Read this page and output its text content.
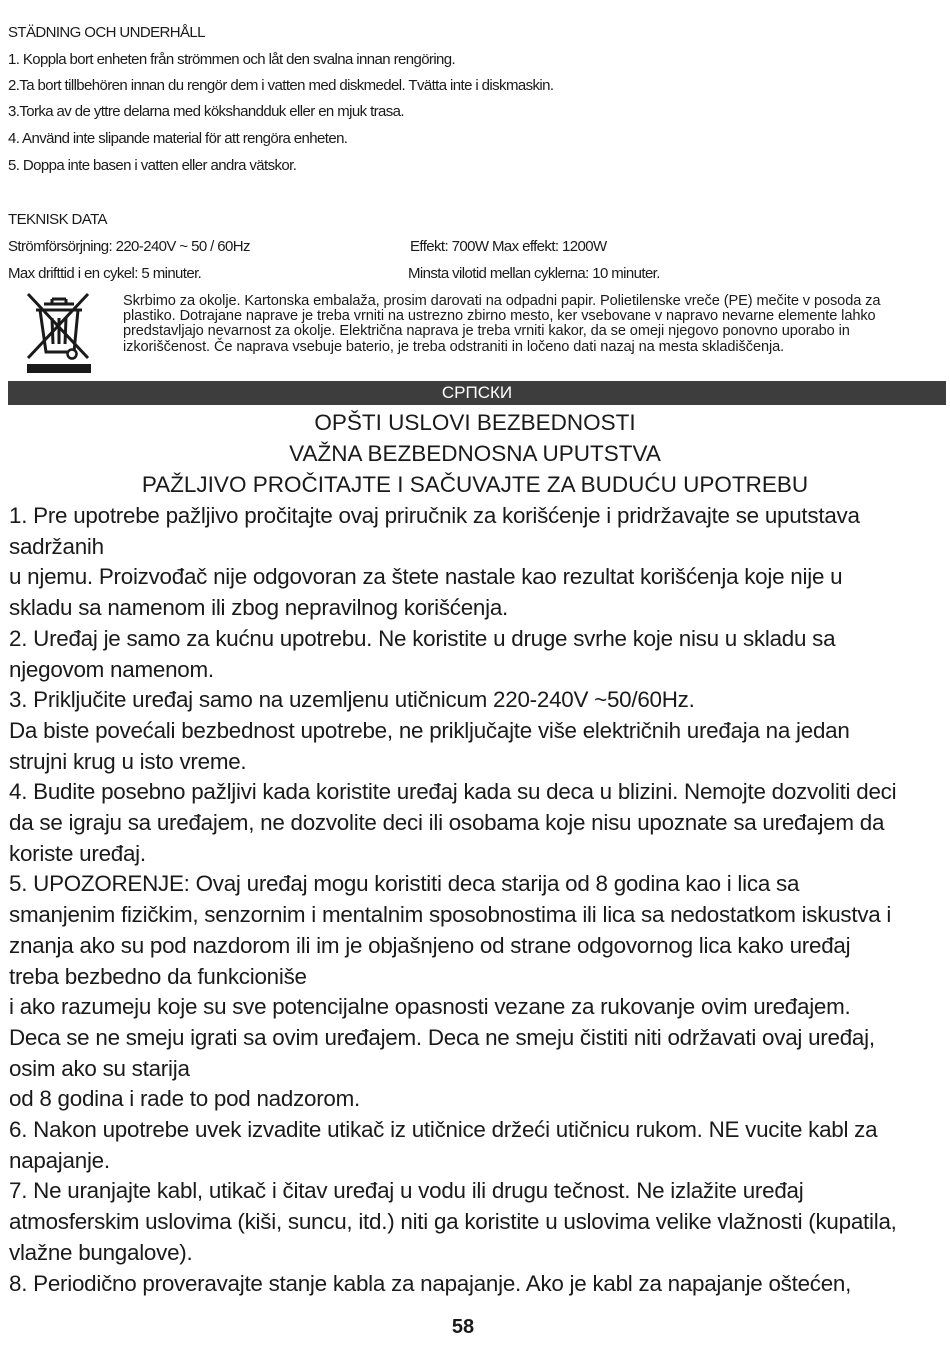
STÄDNING OCH UNDERHÅLL
1. Koppla bort enheten från strömmen och låt den svalna innan rengöring.
2.Ta bort tillbehören innan du rengör dem i vatten med diskmedel. Tvätta inte i diskmaskin.
3.Torka av de yttre delarna med kökshandduk eller en mjuk trasa.
4. Använd inte slipande material för att rengöra enheten.
5. Doppa inte basen i vatten eller andra vätskor.
TEKNISK DATA
Strömförsörjning: 220-240V ~ 50 / 60Hz	Effekt: 700W Max effekt: 1200W
Max drifttid i en cykel: 5 minuter.	Minsta vilotid mellan cyklerna: 10 minuter.
Skrbimo za okolje. Kartonska embalaža, prosim darovati na odpadni papir. Polietilenske vreče (PE) mečite v posoda za
plastiko. Dotrajane naprave je treba vrniti na ustrezno zbirno mesto, ker vsebovane v napravo nevarne elemente lahko
predstavljajo nevarnost za okolje. Električna naprava je treba vrniti kakor, da se omeji njegovo ponovno uporabo in
izkoriščenost. Če naprava vsebuje baterio, je treba odstraniti in ločeno dati nazaj na mesta skladiščenja.
СРПСКИ
OPŠTI USLOVI BEZBEDNOSTI
VAŽNA BEZBEDNOSNA UPUTSTVA
PAŽLJIVO PROČITAJTE I SAČUVAJTE ZA BUDUĆU UPOTREBU
1. Pre upotrebe pažljivo pročitajte ovaj priručnik za korišćenje i pridržavajte se uputstava
sadržanih
u njemu. Proizvođač nije odgovoran za štete nastale kao rezultat korišćenja koje nije u
skladu sa namenom ili zbog nepravilnog korišćenja.
2. Uređaj je samo za kućnu upotrebu. Ne koristite u druge svrhe koje nisu u skladu sa
njegovom namenom.
3. Priključite uređaj samo na uzemljenu utičnicum 220-240V ~50/60Hz.
Da biste povećali bezbednost upotrebe, ne priključajte više električnih uređaja na jedan
strujni krug u isto vreme.
4. Budite posebno pažljivi kada koristite uređaj kada su deca u blizini. Nemojte dozvoliti deci
da se igraju sa uređajem, ne dozvolite deci ili osobama koje nisu upoznate sa uređajem da
koriste uređaj.
5. UPOZORENJE: Ovaj uređaj mogu koristiti deca starija od 8 godina kao i lica sa
smanjenim fizičkim, senzornim i mentalnim sposobnostima ili lica sa nedostatkom iskustva i
znanja ako su pod nazdorom ili im je objašnjeno od strane odgovornog lica kako uređaj
treba bezbedno da funkcioniše
i ako razumeju koje su sve potencijalne opasnosti vezane za rukovanje ovim uređajem.
Deca se ne smeju igrati sa ovim uređajem. Deca ne smeju čistiti niti održavati ovaj uređaj,
osim ako su starija
od 8 godina i rade to pod nadzorom.
6. Nakon upotrebe uvek izvadite utikač iz utičnice držeći utičnicu rukom. NE vucite kabl za
napajanje.
7. Ne uranjajte kabl, utikač i čitav uređaj u vodu ili drugu tečnost. Ne izlažite uređaj
atmosferskim uslovima (kiši, suncu, itd.) niti ga koristite u uslovima velike vlažnosti (kupatila,
vlažne bungalove).
8. Periodično proveravajte stanje kabla za napajanje. Ako je kabl za napajanje oštećen,
58
